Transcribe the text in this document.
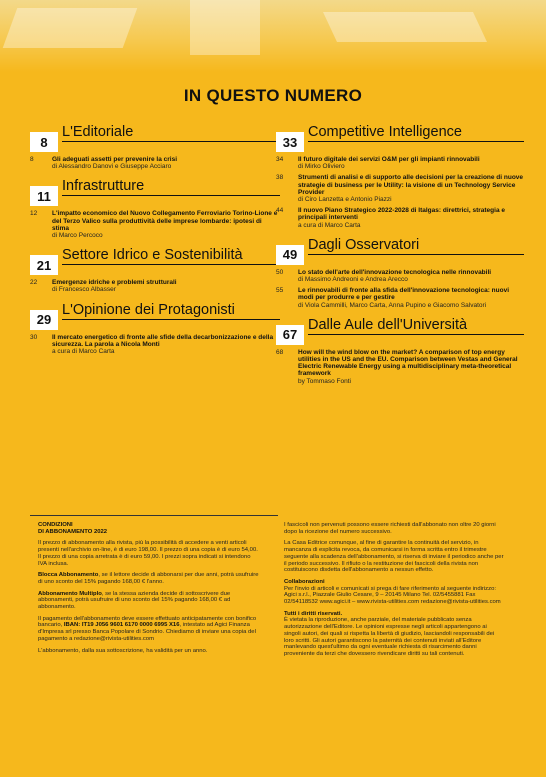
IN QUESTO NUMERO
8
L'Editoriale
8	Gli adeguati assetti per prevenire la crisi
di Alessandro Danovi e Giuseppe Acciaro
11
Infrastrutture
12	L'impatto economico del Nuovo Collegamento Ferroviario Torino-Lione e del Terzo Valico sulla produttività delle imprese lombarde: ipotesi di stima
di Marco Percoco
21
Settore Idrico e Sostenibilità
22	Emergenze idriche e problemi strutturali
di Francesco Albasser
29
L'Opinione dei Protagonisti
30	Il mercato energetico di fronte alle sfide della decarbonizzazione e della sicurezza. La parola a Nicola Monti
a cura di Marco Carta
33
Competitive Intelligence
34	Il futuro digitale dei servizi O&M per gli impianti rinnovabili
di Mirko Oliviero
38	Strumenti di analisi e di supporto alle decisioni per la creazione di nuove strategie di business per le Utility: la visione di un Technology Service Provider
di Ciro Lanzetta e Antonio Piazzi
44	Il nuovo Piano Strategico 2022-2028 di Italgas: direttrici, strategia e principali interventi
a cura di Marco Carta
49
Dagli Osservatori
50	Lo stato dell'arte dell'innovazione tecnologica nelle rinnovabili
di Massimo Andreoni e Andrea Arecco
55	Le rinnovabili di fronte alla sfida dell'innovazione tecnologica: nuovi modi per produrre e per gestire
di Viola Cammilli, Marco Carta, Anna Pupino e Giacomo Salvatori
67
Dalle Aule dell'Università
68	How will the wind blow on the market? A comparison of top energy utilities in the US and the EU. Comparison between Vestas and General Electric Renewable Energy using a multidisciplinary meta-theoretical framework
by Tommaso Fonti
CONDIZIONI
DI ABBONAMENTO 2022
Il prezzo di abbonamento alla rivista, più la possibilità di accedere a venti articoli presenti nell'archivio on-line, è di euro 198,00. Il prezzo di una copia è di euro 54,00. Il prezzo di una copia arretrata è di euro 59,00. I prezzi sopra indicati si intendono IVA inclusa.
Blocca Abbonamento, se il lettore decide di abbonarsi per due anni, potrà usufruire di uno sconto del 15% pagando 168,00 € l'anno.
Abbonamento Multiplo, se la stessa azienda decide di sottoscrivere due abbonamenti, potrà usufruire di uno sconto del 15% pagando 168,00 € ad abbonamento.
Il pagamento dell'abbonamento deve essere effettuato anticipatamente con bonifico bancario, IBAN: IT19 J056 9601 6170 0000 6995 X16, intestato ad Agici Finanza d'Impresa srl presso Banca Popolare di Sondrio. Chiediamo di inviare una copia del pagamento a redazione@rivista-utilities.com
L'abbonamento, dalla sua sottoscrizione, ha validità per un anno.
I fascicoli non pervenuti possono essere richiesti dall'abbonato non oltre 20 giorni dopo la ricezione del numero successivo.
La Casa Editrice comunque, al fine di garantire la continuità del servizio, in mancanza di esplicita revoca, da comunicarsi in forma scritta entro il trimestre seguente alla scadenza dell'abbonamento, si riserva di inviare il periodico anche per il periodo successivo. Il rifiuto o la restituzione dei fascicoli della rivista non costituiscono disdetta dell'abbonamento a nessun effetto.
Collaborazioni
Per l'invio di articoli e comunicati si prega di fare riferimento al seguente indirizzo: Agici s.r.l., Piazzale Giulio Cesare, 9 – 20145 Milano Tel. 02/5455881 Fax 02/54118532 www.agici.it – www.rivista-utilities.com redazione@rivista-utilities.com
Tutti i diritti riservati.
È vietata la riproduzione, anche parziale, del materiale pubblicato senza autorizzazione dell'Editore. Le opinioni espresse negli articoli appartengono ai singoli autori, dei quali si rispetta la libertà di giudizio, lasciandoli responsabili dei loro scritti. Gli autori garantiscono la paternità dei contenuti inviati all'Editore manlevando quest'ultimo da ogni eventuale richiesta di risarcimento danni proveniente da terzi che dovessero rivendicare diritti su tali contenuti.
